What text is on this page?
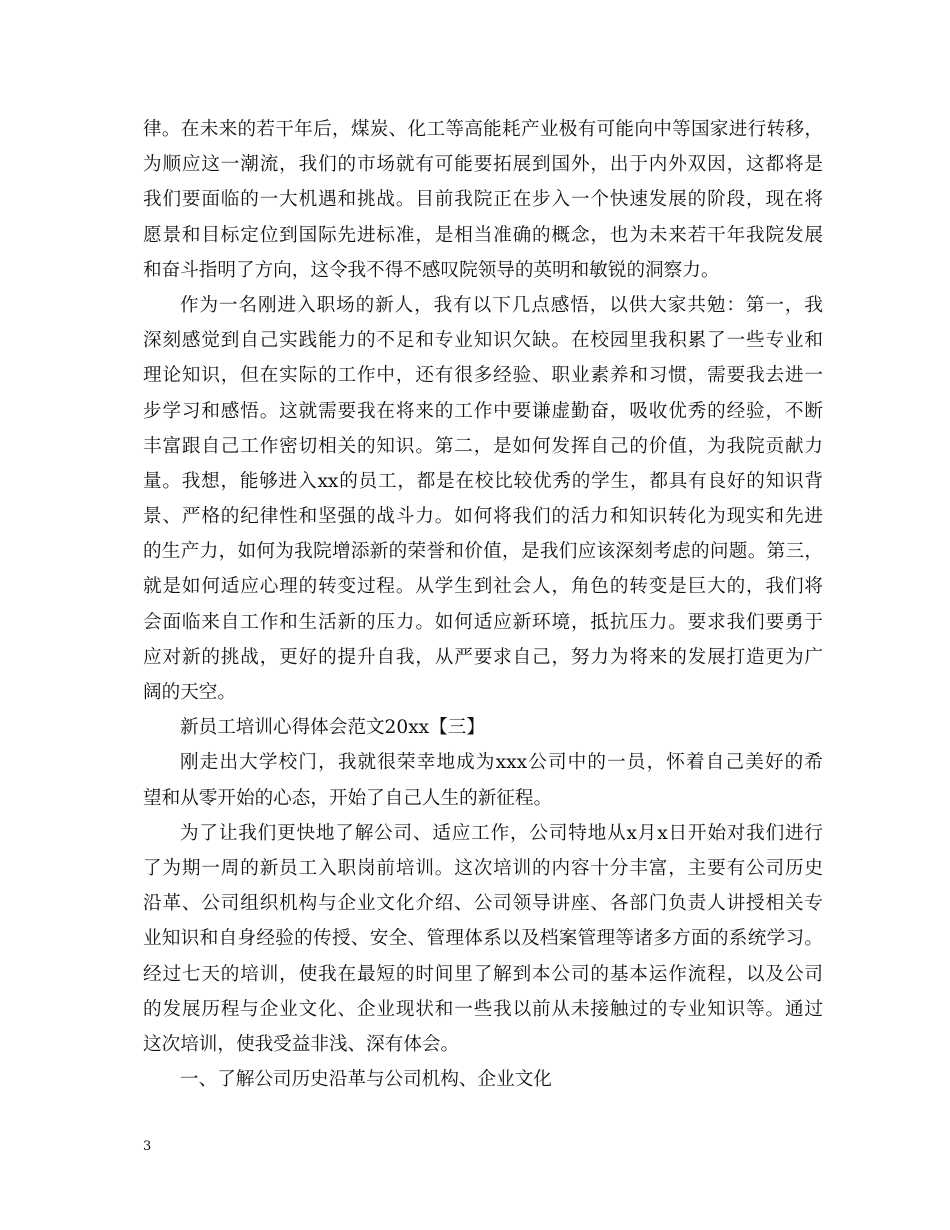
律。在未来的若干年后，煤炭、化工等高能耗产业极有可能向中等国家进行转移，
为顺应这一潮流，我们的市场就有可能要拓展到国外，出于内外双因，这都将是
我们要面临的一大机遇和挑战。目前我院正在步入一个快速发展的阶段，现在将
愿景和目标定位到国际先进标准，是相当准确的概念，也为未来若干年我院发展
和奋斗指明了方向，这令我不得不感叹院领导的英明和敏锐的洞察力。
作为一名刚进入职场的新人，我有以下几点感悟，以供大家共勉：第一，我
深刻感觉到自己实践能力的不足和专业知识欠缺。在校园里我积累了一些专业和
理论知识，但在实际的工作中，还有很多经验、职业素养和习惯，需要我去进一
步学习和感悟。这就需要我在将来的工作中要谦虚勤奋，吸收优秀的经验，不断
丰富跟自己工作密切相关的知识。第二，是如何发挥自己的价值，为我院贡献力
量。我想，能够进入xx的员工，都是在校比较优秀的学生，都具有良好的知识背
景、严格的纪律性和坚强的战斗力。如何将我们的活力和知识转化为现实和先进
的生产力，如何为我院增添新的荣誉和价值，是我们应该深刻考虑的问题。第三，
就是如何适应心理的转变过程。从学生到社会人，角色的转变是巨大的，我们将
会面临来自工作和生活新的压力。如何适应新环境，抵抗压力。要求我们要勇于
应对新的挑战，更好的提升自我，从严要求自己，努力为将来的发展打造更为广
阔的天空。
新员工培训心得体会范文20xx【三】
刚走出大学校门，我就很荣幸地成为xxx公司中的一员，怀着自己美好的希
望和从零开始的心态，开始了自己人生的新征程。
为了让我们更快地了解公司、适应工作，公司特地从x月x日开始对我们进行
了为期一周的新员工入职岗前培训。这次培训的内容十分丰富，主要有公司历史
沿革、公司组织机构与企业文化介绍、公司领导讲座、各部门负责人讲授相关专
业知识和自身经验的传授、安全、管理体系以及档案管理等诸多方面的系统学习。
经过七天的培训，使我在最短的时间里了解到本公司的基本运作流程，以及公司
的发展历程与企业文化、企业现状和一些我以前从未接触过的专业知识等。通过
这次培训，使我受益非浅、深有体会。
一、了解公司历史沿革与公司机构、企业文化
3
